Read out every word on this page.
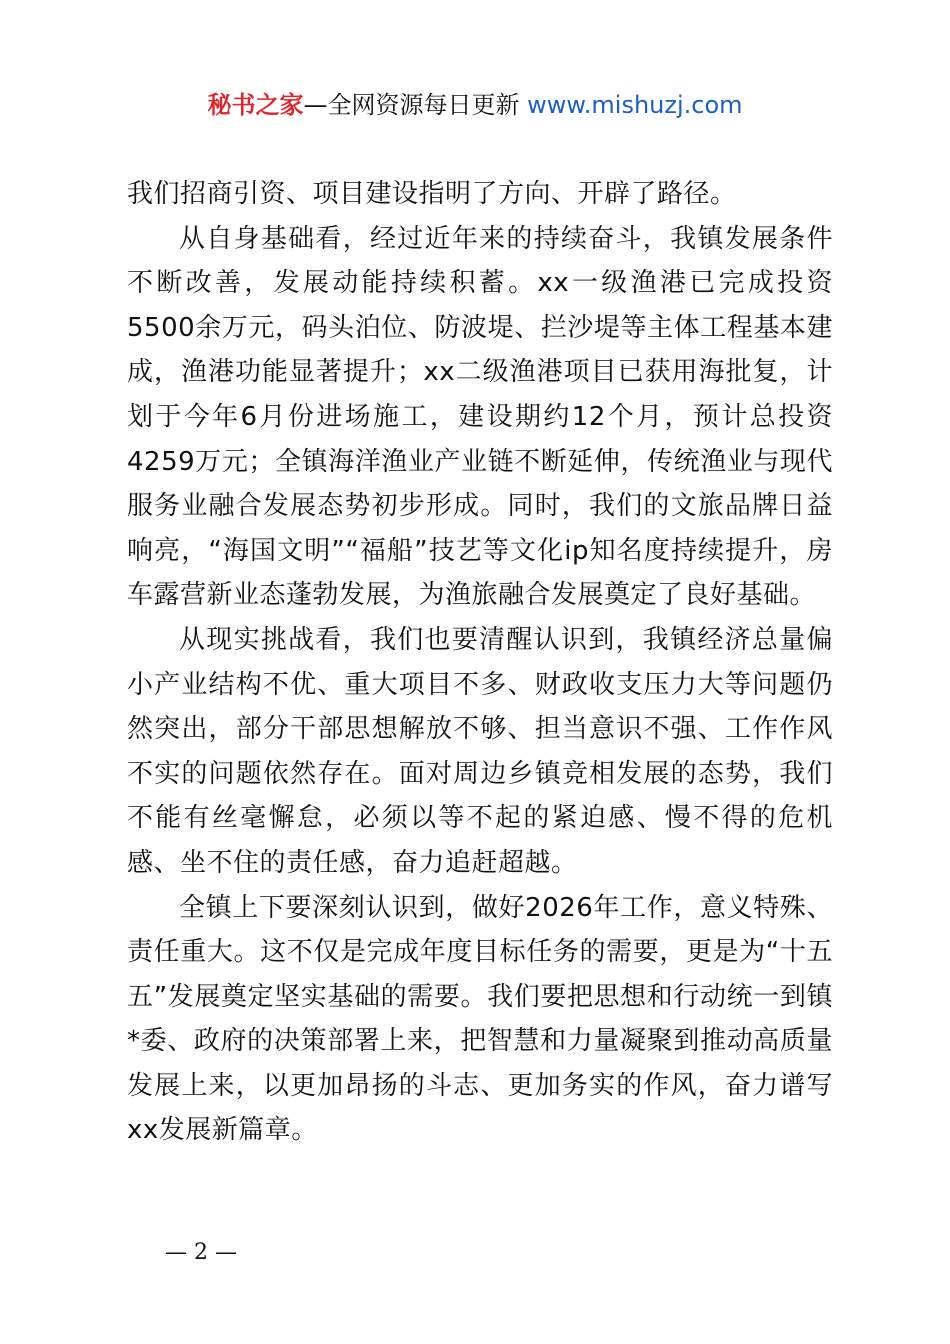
秘书之家—全网资源每日更新 www.mishuzj.com

我们招商引资、项目建设指明了方向、开辟了路径。

从自身基础看，经过近年来的持续奋斗，我镇发展条件不断改善，发展动能持续积蓄。xx一级渔港已完成投资5500余万元，码头泊位、防波堤、拦沙堤等主体工程基本建成，渔港功能显著提升；xx二级渔港项目已获用海批复，计划于今年6月份进场施工，建设期约12个月，预计总投资4259万元；全镇海洋渔业产业链不断延伸，传统渔业与现代服务业融合发展态势初步形成。同时，我们的文旅品牌日益响亮，“海国文明”“福船”技艺等文化ip知名度持续提升，房车露营新业态蓬勃发展，为渔旅融合发展奠定了良好基础。

从现实挑战看，我们也要清醒认识到，我镇经济总量偏小产业结构不优、重大项目不多、财政收支压力大等问题仍然突出，部分干部思想解放不够、担当意识不强、工作作风不实的问题依然存在。面对周边乡镇竞相发展的态势，我们不能有丝毫懈怠，必须以等不起的紧迫感、慢不得的危机感、坐不住的责任感，奋力追赶超越。

全镇上下要深刻认识到，做好2026年工作，意义特殊、责任重大。这不仅是完成年度目标任务的需要，更是为“十五五”发展奠定坚实基础的需要。我们要把思想和行动统一到镇*委、政府的决策部署上来，把智慧和力量凝聚到推动高质量发展上来，以更加昂扬的斗志、更加务实的作风，奋力谱写xx发展新篇章。

— 2 —
